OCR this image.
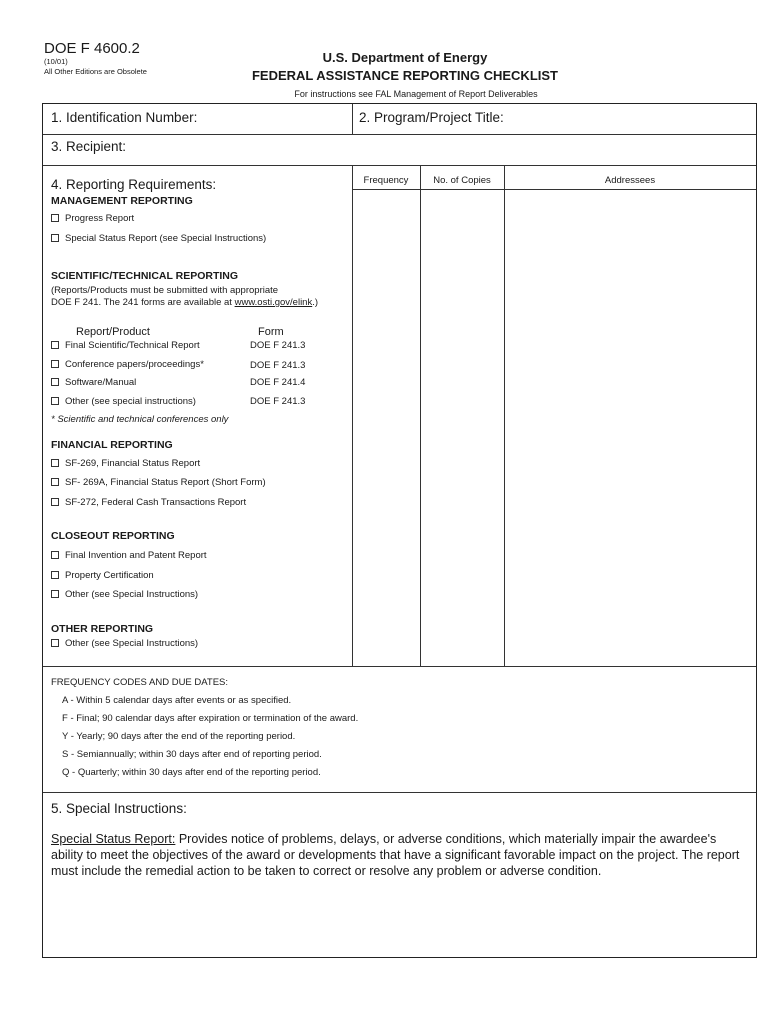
DOE F 4600.2
(10/01)
All Other Editions are Obsolete
U.S. Department of Energy
FEDERAL ASSISTANCE REPORTING CHECKLIST
For instructions see FAL Management of Report Deliverables
1. Identification Number:	2. Program/Project Title:
3. Recipient:
4. Reporting Requirements:	Frequency	No. of Copies	Addressees
MANAGEMENT REPORTING
Progress Report
Special Status Report (see Special Instructions)
SCIENTIFIC/TECHNICAL REPORTING
(Reports/Products must be submitted with appropriate
DOE F 241. The 241 forms are available at www.osti.gov/elink.)
Report/Product	Form
Final Scientific/Technical Report	DOE F 241.3
Conference papers/proceedings*	DOE F 241.3
Software/Manual	DOE F 241.4
Other (see special instructions)	DOE F 241.3
* Scientific and technical conferences only
FINANCIAL REPORTING
SF-269, Financial Status Report
SF- 269A, Financial Status Report (Short Form)
SF-272, Federal Cash Transactions Report
CLOSEOUT REPORTING
Final Invention and Patent Report
Property Certification
Other (see Special Instructions)
OTHER REPORTING
Other (see Special Instructions)
FREQUENCY CODES AND DUE DATES:
A - Within 5 calendar days after events or as specified.
F - Final; 90 calendar days after expiration or termination of the award.
Y - Yearly; 90 days after the end of the reporting period.
S - Semiannually; within 30 days after end of reporting period.
Q - Quarterly; within 30 days after end of the reporting period.
5. Special Instructions:
Special Status Report: Provides notice of problems, delays, or adverse conditions, which materially impair the awardee's ability to meet the objectives of the award or developments that have a significant favorable impact on the project. The report must include the remedial action to be taken to correct or resolve any problem or adverse condition.
